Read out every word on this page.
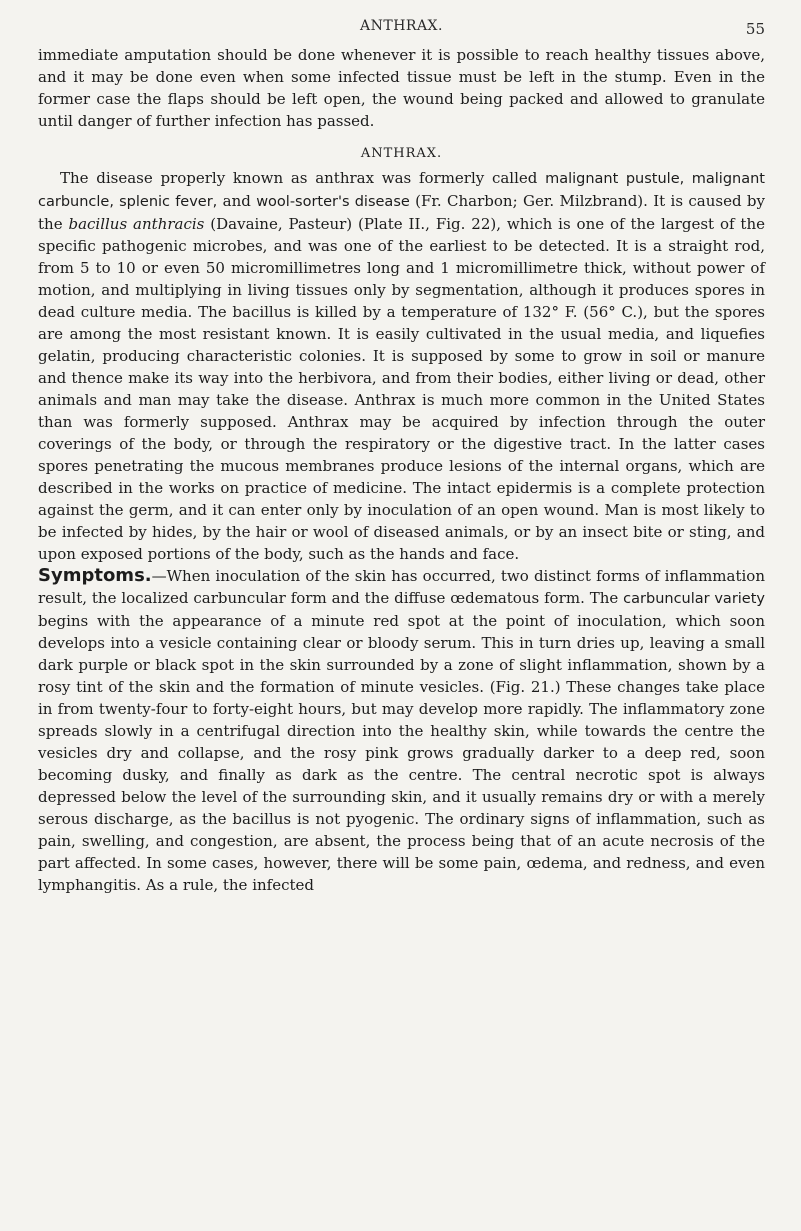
ANTHRAX.	55

immediate amputation should be done whenever it is possible to reach healthy tissues above, and it may be done even when some infected tissue must be left in the stump. Even in the former case the flaps should be left open, the wound being packed and allowed to granulate until danger of further infection has passed.

ANTHRAX.

The disease properly known as anthrax was formerly called malignant pustule, malignant carbuncle, splenic fever, and wool-sorter's disease (Fr. Charbon; Ger. Milzbrand). It is caused by the bacillus anthracis (Davaine, Pasteur) (Plate II., Fig. 22), which is one of the largest of the specific pathogenic microbes, and was one of the earliest to be detected. It is a straight rod, from 5 to 10 or even 50 micromillimetres long and 1 micromillimetre thick, without power of motion, and multiplying in living tissues only by segmentation, although it produces spores in dead culture media. The bacillus is killed by a temperature of 132° F. (56° C.), but the spores are among the most resistant known. It is easily cultivated in the usual media, and liquefies gelatin, producing characteristic colonies. It is supposed by some to grow in soil or manure and thence make its way into the herbivora, and from their bodies, either living or dead, other animals and man may take the disease. Anthrax is much more common in the United States than was formerly supposed. Anthrax may be acquired by infection through the outer coverings of the body, or through the respiratory or the digestive tract. In the latter cases spores penetrating the mucous membranes produce lesions of the internal organs, which are described in the works on practice of medicine. The intact epidermis is a complete protection against the germ, and it can enter only by inoculation of an open wound. Man is most likely to be infected by hides, by the hair or wool of diseased animals, or by an insect bite or sting, and upon exposed portions of the body, such as the hands and face.

Symptoms.—When inoculation of the skin has occurred, two distinct forms of inflammation result, the localized carbuncular form and the diffuse œdematous form. The carbuncular variety begins with the appearance of a minute red spot at the point of inoculation, which soon develops into a vesicle containing clear or bloody serum. This in turn dries up, leaving a small dark purple or black spot in the skin surrounded by a zone of slight inflammation, shown by a rosy tint of the skin and the formation of minute vesicles. (Fig. 21.) These changes take place in from twenty-four to forty-eight hours, but may develop more rapidly. The inflammatory zone spreads slowly in a centrifugal direction into the healthy skin, while towards the centre the vesicles dry and collapse, and the rosy pink grows gradually darker to a deep red, soon becoming dusky, and finally as dark as the centre. The central necrotic spot is always depressed below the level of the surrounding skin, and it usually remains dry or with a merely serous discharge, as the bacillus is not pyogenic. The ordinary signs of inflammation, such as pain, swelling, and congestion, are absent, the process being that of an acute necrosis of the part affected. In some cases, however, there will be some pain, œdema, and redness, and even lymphangitis. As a rule, the infected
